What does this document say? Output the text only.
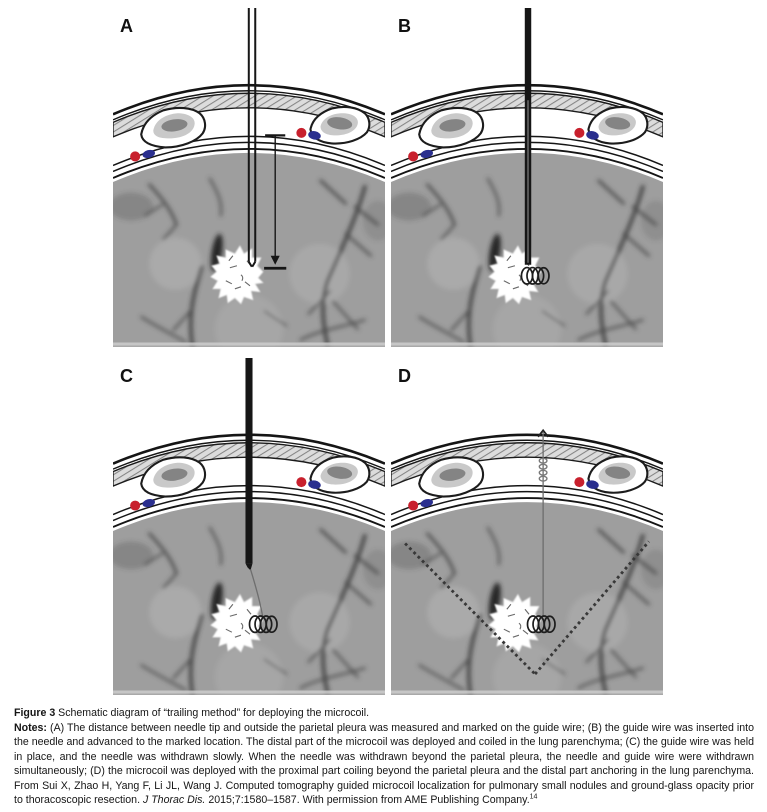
A	B
C	D

Figure 3 Schematic diagram of “trailing method” for deploying the microcoil.

Notes: (A) The distance between needle tip and outside the parietal pleura was measured and marked on the guide wire; (B) the guide wire was inserted into the needle and advanced to the marked location. The distal part of the microcoil was deployed and coiled in the lung parenchyma; (C) the guide wire was held in place, and the needle was withdrawn slowly. When the needle was withdrawn beyond the parietal pleura, the needle and guide wire were withdrawn simultaneously; (D) the microcoil was deployed with the proximal part coiling beyond the parietal pleura and the distal part anchoring in the lung parenchyma. From Sui X, Zhao H, Yang F, Li JL, Wang J. Computed tomography guided microcoil localization for pulmonary small nodules and ground-glass opacity prior to thoracoscopic resection. J Thorac Dis. 2015;7:1580–1587. With permission from AME Publishing Company.$^{14}$
